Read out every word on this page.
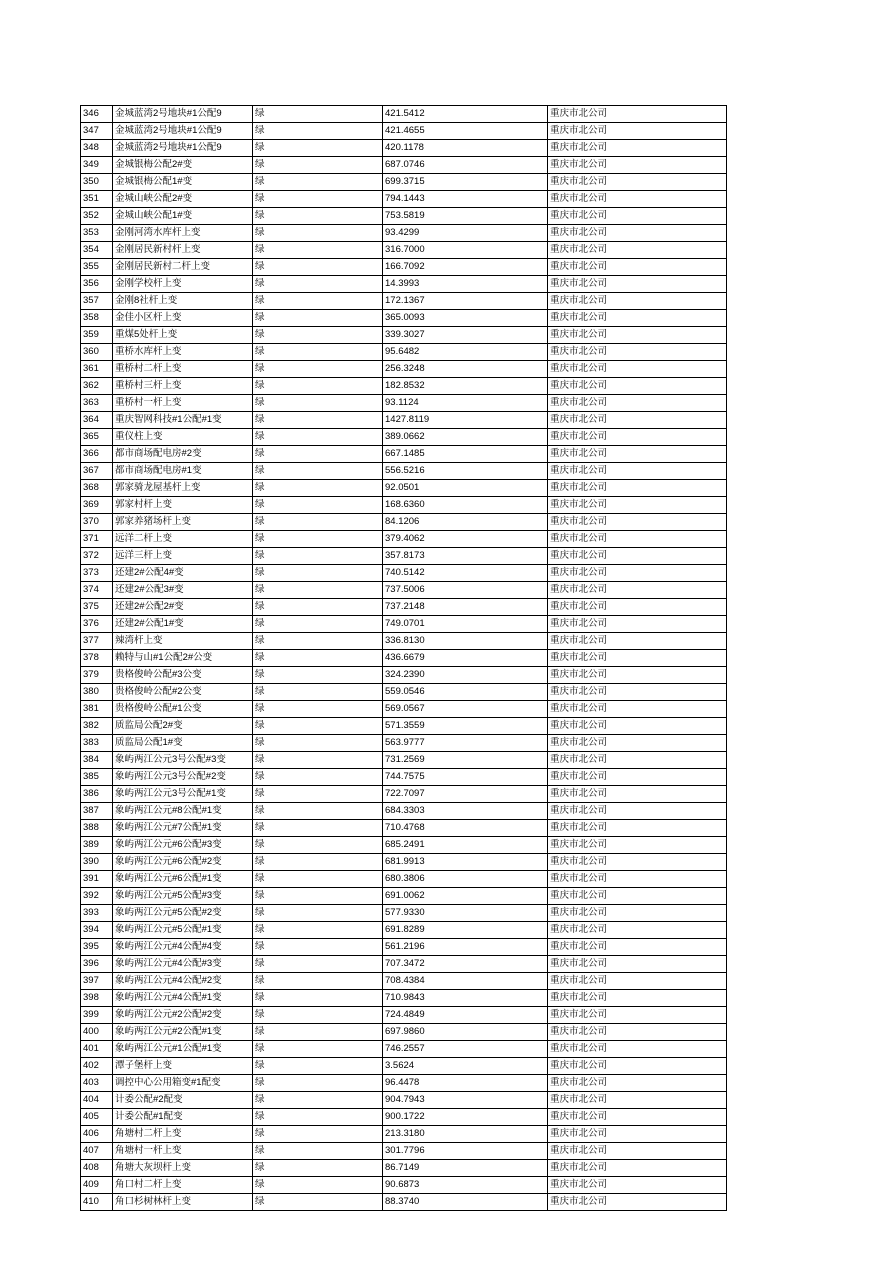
346	金城蓝湾2号地块#1公配9	绿	421.5412	重庆市北公司
347	金城蓝湾2号地块#1公配9	绿	421.4655	重庆市北公司
348	金城蓝湾2号地块#1公配9	绿	420.1178	重庆市北公司
349	金城银梅公配2#变	绿	687.0746	重庆市北公司
350	金城银梅公配1#变	绿	699.3715	重庆市北公司
351	金城山峡公配2#变	绿	794.1443	重庆市北公司
352	金城山峡公配1#变	绿	753.5819	重庆市北公司
353	金刚河湾水库杆上变	绿	93.4299	重庆市北公司
354	金刚居民新村杆上变	绿	316.7000	重庆市北公司
355	金刚居民新村二杆上变	绿	166.7092	重庆市北公司
356	金刚学校杆上变	绿	14.3993	重庆市北公司
357	金刚8社杆上变	绿	172.1367	重庆市北公司
358	金佳小区杆上变	绿	365.0093	重庆市北公司
359	重煤5处杆上变	绿	339.3027	重庆市北公司
360	重桥水库杆上变	绿	95.6482	重庆市北公司
361	重桥村二杆上变	绿	256.3248	重庆市北公司
362	重桥村三杆上变	绿	182.8532	重庆市北公司
363	重桥村一杆上变	绿	93.1124	重庆市北公司
364	重庆智网科技#1公配#1变	绿	1427.8119	重庆市北公司
365	重仪柱上变	绿	389.0662	重庆市北公司
366	都市商场配电房#2变	绿	667.1485	重庆市北公司
367	都市商场配电房#1变	绿	556.5216	重庆市北公司
368	郭家骑龙屋基杆上变	绿	92.0501	重庆市北公司
369	郭家村杆上变	绿	168.6360	重庆市北公司
370	郭家养猪场杆上变	绿	84.1206	重庆市北公司
371	远洋二杆上变	绿	379.4062	重庆市北公司
372	远洋三杆上变	绿	357.8173	重庆市北公司
373	还建2#公配4#变	绿	740.5142	重庆市北公司
374	还建2#公配3#变	绿	737.5006	重庆市北公司
375	还建2#公配2#变	绿	737.2148	重庆市北公司
376	还建2#公配1#变	绿	749.0701	重庆市北公司
377	辣湾杆上变	绿	336.8130	重庆市北公司
378	赖特与山#1公配2#公变	绿	436.6679	重庆市北公司
379	贵格俊岭公配#3公变	绿	324.2390	重庆市北公司
380	贵格俊岭公配#2公变	绿	559.0546	重庆市北公司
381	贵格俊岭公配#1公变	绿	569.0567	重庆市北公司
382	质监局公配2#变	绿	571.3559	重庆市北公司
383	质监局公配1#变	绿	563.9777	重庆市北公司
384	象屿两江公元3号公配#3变	绿	731.2569	重庆市北公司
385	象屿两江公元3号公配#2变	绿	744.7575	重庆市北公司
386	象屿两江公元3号公配#1变	绿	722.7097	重庆市北公司
387	象屿两江公元#8公配#1变	绿	684.3303	重庆市北公司
388	象屿两江公元#7公配#1变	绿	710.4768	重庆市北公司
389	象屿两江公元#6公配#3变	绿	685.2491	重庆市北公司
390	象屿两江公元#6公配#2变	绿	681.9913	重庆市北公司
391	象屿两江公元#6公配#1变	绿	680.3806	重庆市北公司
392	象屿两江公元#5公配#3变	绿	691.0062	重庆市北公司
393	象屿两江公元#5公配#2变	绿	577.9330	重庆市北公司
394	象屿两江公元#5公配#1变	绿	691.8289	重庆市北公司
395	象屿两江公元#4公配#4变	绿	561.2196	重庆市北公司
396	象屿两江公元#4公配#3变	绿	707.3472	重庆市北公司
397	象屿两江公元#4公配#2变	绿	708.4384	重庆市北公司
398	象屿两江公元#4公配#1变	绿	710.9843	重庆市北公司
399	象屿两江公元#2公配#2变	绿	724.4849	重庆市北公司
400	象屿两江公元#2公配#1变	绿	697.9860	重庆市北公司
401	象屿两江公元#1公配#1变	绿	746.2557	重庆市北公司
402	潭子堡杆上变	绿	3.5624	重庆市北公司
403	调控中心公用箱变#1配变	绿	96.4478	重庆市北公司
404	计委公配#2配变	绿	904.7943	重庆市北公司
405	计委公配#1配变	绿	900.1722	重庆市北公司
406	角塘村二杆上变	绿	213.3180	重庆市北公司
407	角塘村一杆上变	绿	301.7796	重庆市北公司
408	角塘大灰坝杆上变	绿	86.7149	重庆市北公司
409	角口村二杆上变	绿	90.6873	重庆市北公司
410	角口杉树林杆上变	绿	88.3740	重庆市北公司
